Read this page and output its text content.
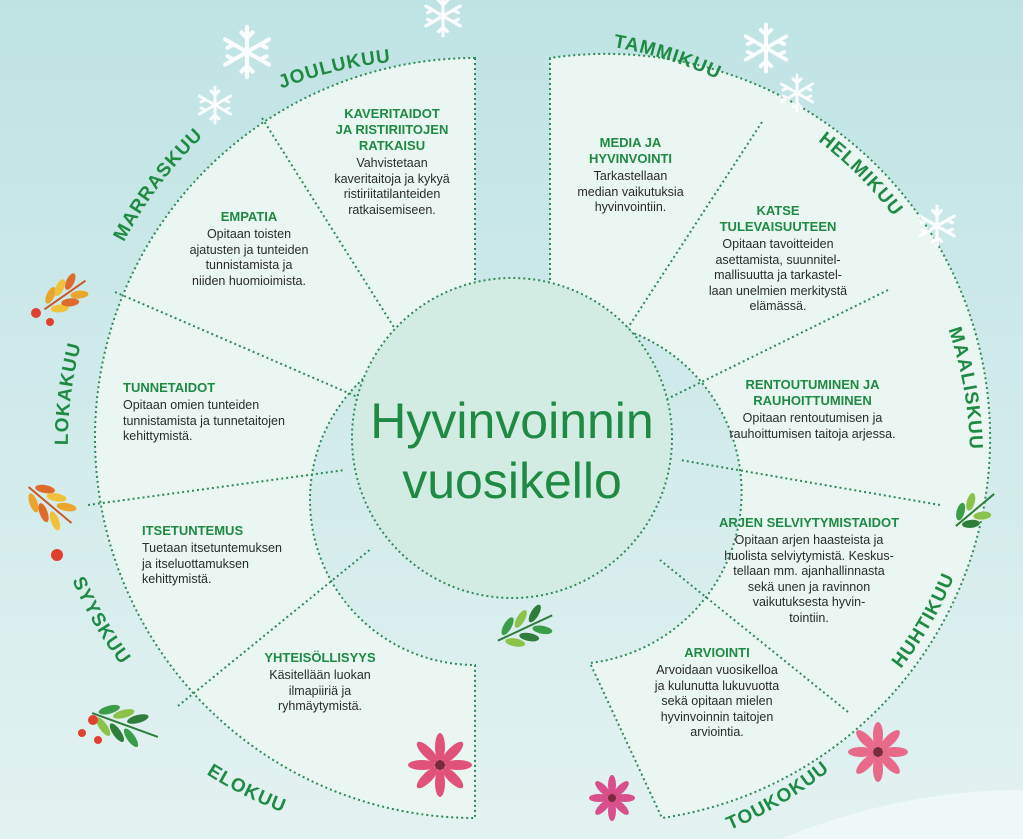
Hyvinvoinnin
vuosikello
JOULUKUU
MARRASKUU
TAMMIKUU
HELMIKUU
MAALISKUU
HUHTIKUU
TOUKOKUU
ELOKUU
SYYSKUU
LOKAKUU
KAVERITAIDOT
JA RISTIRIITOJEN
RATKAISU
Vahvistetaan
kaveritaitoja ja kykyä
ristiriitatilanteiden
ratkaisemiseen.
EMPATIA
Opitaan toisten
ajatusten ja tunteiden
tunnistamista ja
niiden huomioimista.
TUNNETAIDOT
Opitaan omien tunteiden
tunnistamista ja tunnetaitojen
kehittymistä.
ITSETUNTEMUS
Tuetaan itsetuntemuksen
ja itseluottamuksen
kehittymistä.
YHTEISÖLLISYYS
Käsitellään luokan
ilmapiiriä ja
ryhmäytymistä.
MEDIA JA
HYVINVOINTI
Tarkastellaan
median vaikutuksia
hyvinvointiin.	KATSE
TULEVAISUUTEEN
Opitaan tavoitteiden
asettamista, suunnitel-
mallisuutta ja tarkastel-
laan unelmien merkitystä
elämässä.
RENTOUTUMINEN JA
RAUHOITTUMINEN
Opitaan rentoutumisen ja
rauhoittumisen taitoja arjessa.
ARJEN SELVIYTYMISTAIDOT
Opitaan arjen haasteista ja
huolista selviytymistä. Keskus-
tellaan mm. ajanhallinnasta
sekä unen ja ravinnon
vaikutuksesta hyvin-
tointiin.
ARVIOINTI
Arvoidaan vuosikelloa
ja kulunutta lukuvuotta
sekä opitaan mielen
hyvinvoinnin taitojen
arviointia.
